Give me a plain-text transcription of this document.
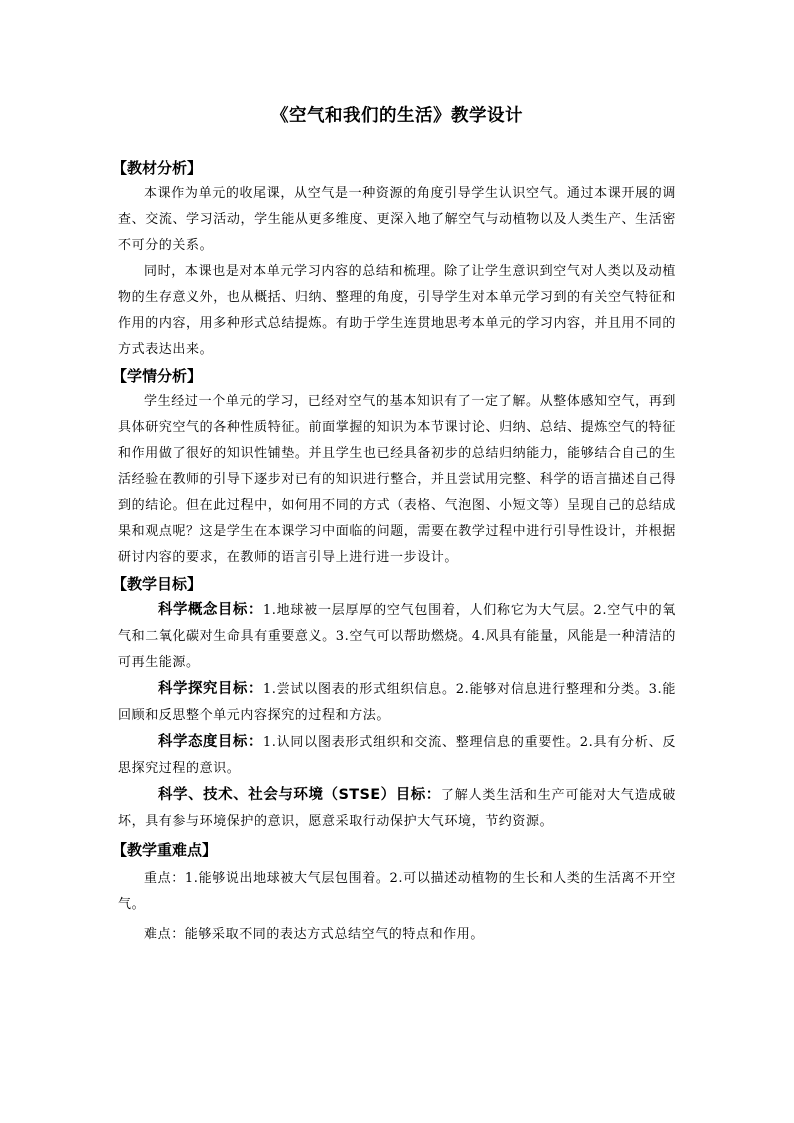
《空气和我们的生活》教学设计
【教材分析】

本课作为单元的收尾课，从空气是一种资源的角度引导学生认识空气。通过本课开展的调查、交流、学习活动，学生能从更多维度、更深入地了解空气与动植物以及人类生产、生活密不可分的关系。

同时，本课也是对本单元学习内容的总结和梳理。除了让学生意识到空气对人类以及动植物的生存意义外，也从概括、归纳、整理的角度，引导学生对本单元学习到的有关空气特征和作用的内容，用多种形式总结提炼。有助于学生连贯地思考本单元的学习内容，并且用不同的方式表达出来。

【学情分析】

学生经过一个单元的学习，已经对空气的基本知识有了一定了解。从整体感知空气，再到具体研究空气的各种性质特征。前面掌握的知识为本节课讨论、归纳、总结、提炼空气的特征和作用做了很好的知识性铺垫。并且学生也已经具备初步的总结归纳能力，能够结合自己的生活经验在教师的引导下逐步对已有的知识进行整合，并且尝试用完整、科学的语言描述自己得到的结论。但在此过程中，如何用不同的方式（表格、气泡图、小短文等）呈现自己的总结成果和观点呢？这是学生在本课学习中面临的问题，需要在教学过程中进行引导性设计，并根据研讨内容的要求，在教师的语言引导上进行进一步设计。

【教学目标】

科学概念目标：1.地球被一层厚厚的空气包围着，人们称它为大气层。2.空气中的氧气和二氧化碳对生命具有重要意义。3.空气可以帮助燃烧。4.风具有能量，风能是一种清洁的可再生能源。

科学探究目标：1.尝试以图表的形式组织信息。2.能够对信息进行整理和分类。3.能回顾和反思整个单元内容探究的过程和方法。

科学态度目标：1.认同以图表形式组织和交流、整理信息的重要性。2.具有分析、反思探究过程的意识。

科学、技术、社会与环境（STSE）目标：了解人类生活和生产可能对大气造成破坏，具有参与环境保护的意识，愿意采取行动保护大气环境，节约资源。

【教学重难点】

重点：1.能够说出地球被大气层包围着。2.可以描述动植物的生长和人类的生活离不开空气。

难点：能够采取不同的表达方式总结空气的特点和作用。
